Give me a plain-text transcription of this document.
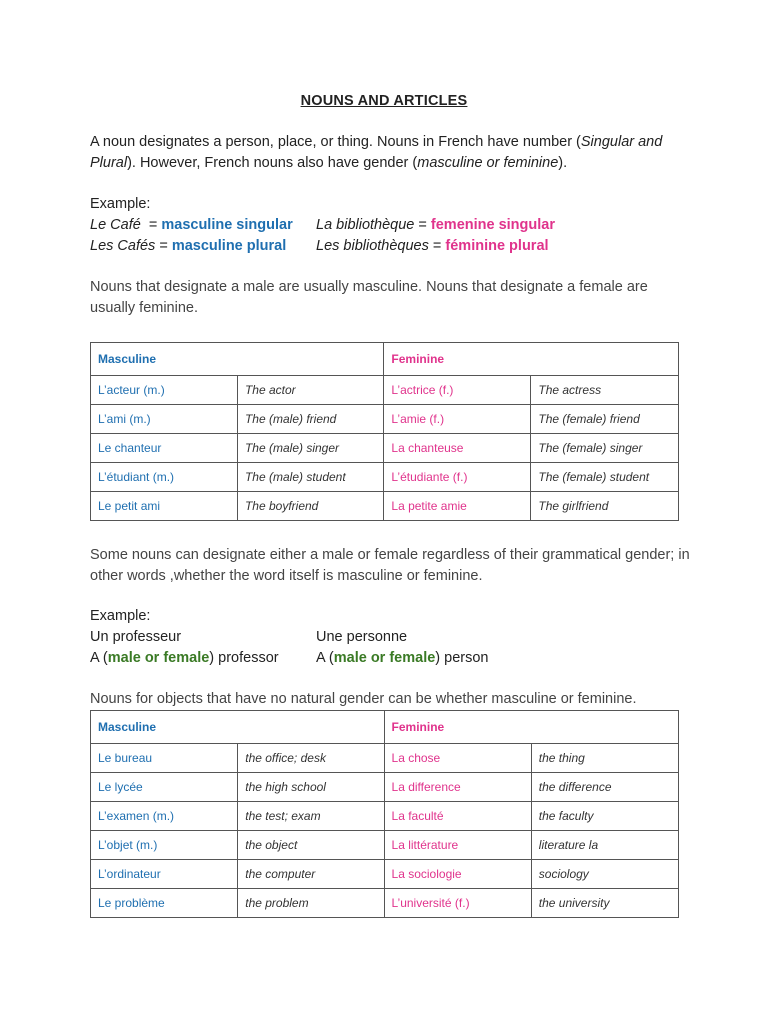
NOUNS AND ARTICLES
A noun designates a person, place, or thing. Nouns in French have number (Singular and Plural). However, French nouns also have gender (masculine or feminine).
Example:
Le Café  = masculine singular La bibliothèque = femenine singular
Les Cafés = masculine plural Les bibliothèques = féminine plural
Nouns that designate a male are usually masculine. Nouns that designate a female are usually feminine.
Masculine		Feminine	
L’acteur (m.)	The actor	L’actrice (f.)	The actress
L’ami (m.)	The (male) friend	L’amie (f.)	The (female) friend
Le chanteur	The (male) singer	La chanteuse	The (female) singer
L’étudiant (m.)	The (male) student	L’étudiante (f.)	The (female) student
Le petit ami	The boyfriend	La petite amie	The girlfriend
Some nouns can designate either a male or female regardless of their grammatical gender; in other words ,whether the word itself is masculine or feminine.
Example:
Un professeur	Une personne
A (male or female) professor	A (male or female) person
Nouns for objects that have no natural gender can be whether masculine or feminine.
Masculine		Feminine	
Le bureau	the office; desk	La chose	the thing
Le lycée	the high school	La difference	the difference
L’examen (m.)	the test; exam	La faculté	the faculty
L’objet (m.)	the object	La littérature	literature la
L’ordinateur	the computer	La sociologie	sociology
Le problème	the problem	L’université (f.)	the university
